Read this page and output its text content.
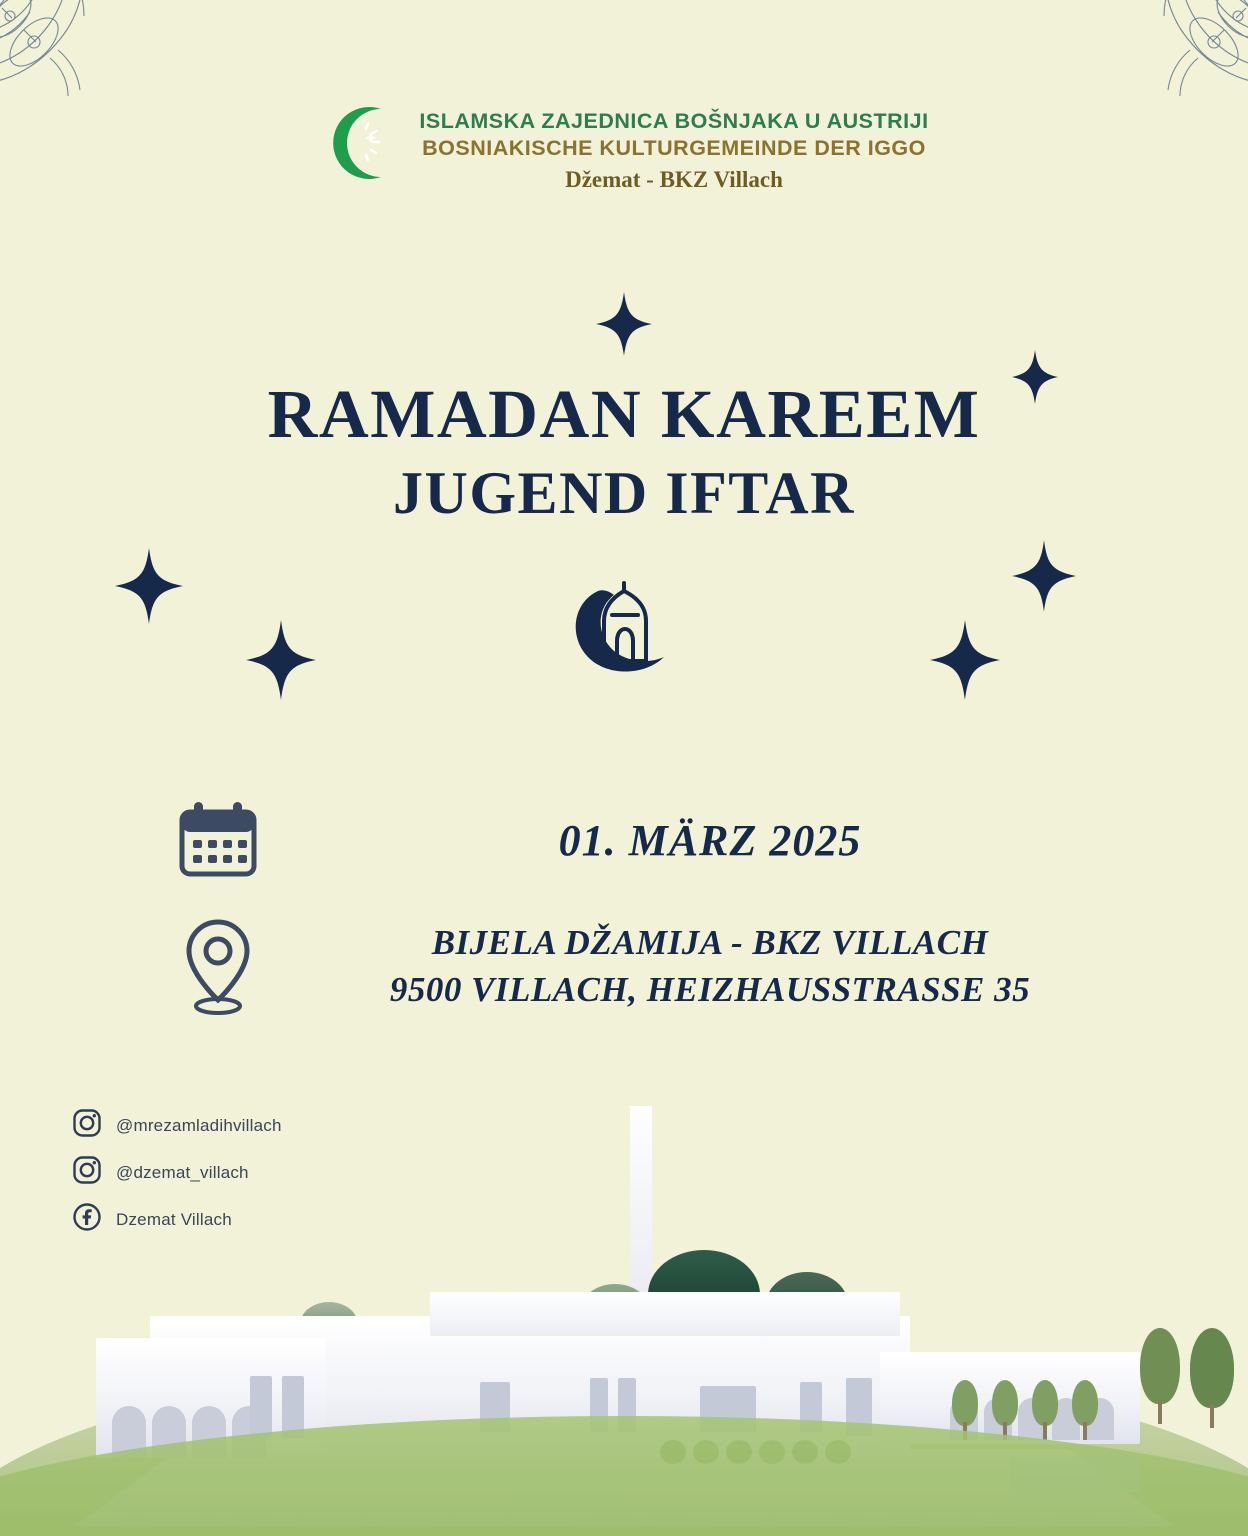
ISLAMSKA ZAJEDNICA BOŠNJAKA U AUSTRIJI
BOSNIAKISCHE KULTURGEMEINDE DER IGGO
Džemat - BKZ Villach
RAMADAN KAREEM
JUGEND IFTAR
01. MÄRZ 2025
BIJELA DŽAMIJA - BKZ VILLACH
9500 VILLACH, HEIZHAUSSTRASSE 35
@mrezamladihvillach
@dzemat_villach
Dzemat Villach
